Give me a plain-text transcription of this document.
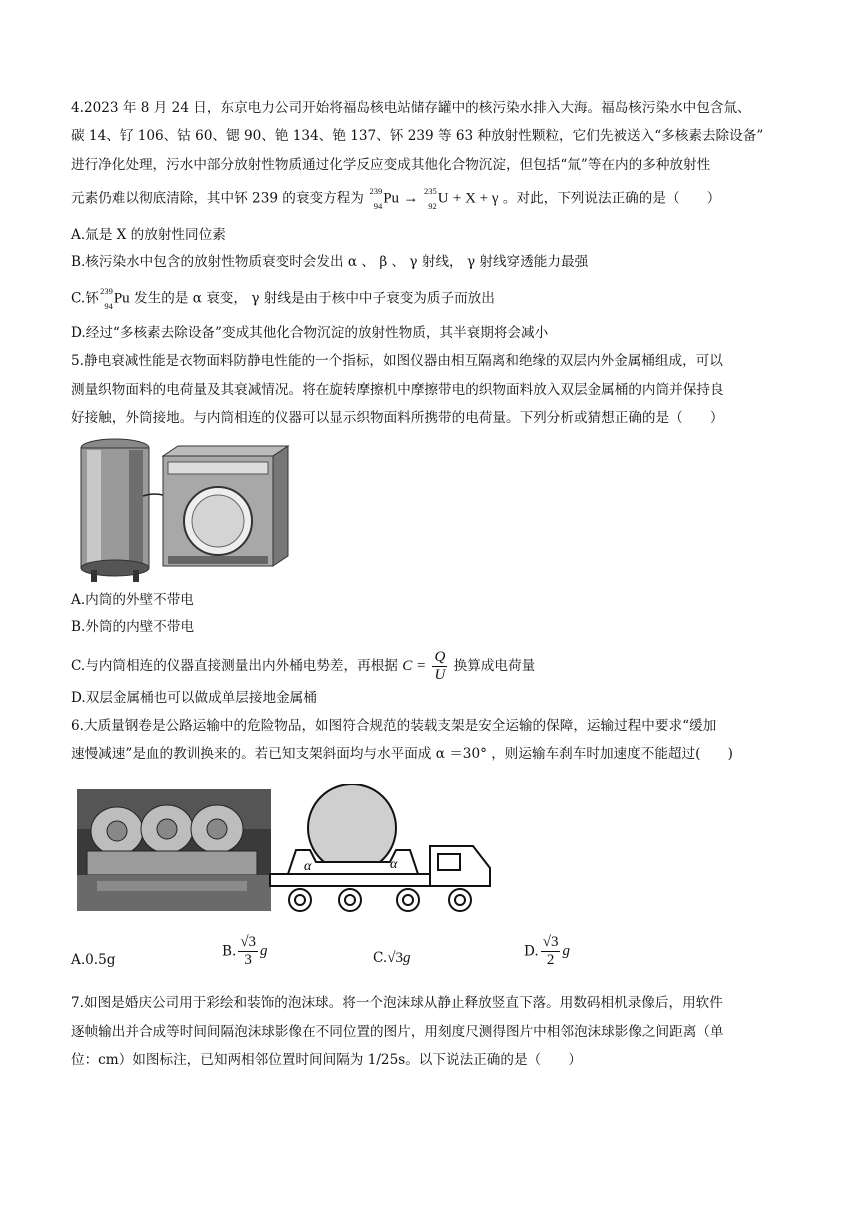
4.2023 年 8 月 24 日，东京电力公司开始将福岛核电站储存罐中的核污染水排入大海。福岛核污染水中包含氚、
碳 14、钌 106、钴 60、锶 90、铯 134、铯 137、钚 239 等 63 种放射性颗粒，它们先被送入“多核素去除设备”
进行净化处理，污水中部分放射性物质通过化学反应变成其他化合物沉淀，但包括“氚”等在内的多种放射性
元素仍难以彻底清除，其中钚 239 的衰变方程为 239
94 Pu → 235
92 U + X + γ 。对此，下列说法正确的是（　　）
A.氚是 X 的放射性同位素
B.核污染水中包含的放射性物质衰变时会发出 α 、 β 、 γ 射线， γ 射线穿透能力最强
C.钚 239
94 Pu 发生的是 α 衰变， γ 射线是由于核中中子衰变为质子而放出
D.经过“多核素去除设备”变成其他化合物沉淀的放射性物质，其半衰期将会减小
5.静电衰减性能是衣物面料防静电性能的一个指标，如图仪器由相互隔离和绝缘的双层内外金属桶组成，可以
测量织物面料的电荷量及其衰减情况。将在旋转摩擦机中摩擦带电的织物面料放入双层金属桶的内筒并保持良
好接触，外筒接地。与内筒相连的仪器可以显示织物面料所携带的电荷量。下列分析或猜想正确的是（　　）
A.内筒的外壁不带电
B.外筒的内壁不带电
C.与内筒相连的仪器直接测量出内外桶电势差，再根据 $C = \frac{Q}{U}$ 换算成电荷量
D.双层金属桶也可以做成单层接地金属桶
6.大质量钢卷是公路运输中的危险物品，如图符合规范的装载支架是安全运输的保障，运输过程中要求“缓加
速慢减速”是血的教训换来的。若已知支架斜面均与水平面成 α ＝30° ，则运输车刹车时加速度不能超过(　　)
α	α
A.0.5g
B. $\frac{√3}{3}$ g	C.√3g	D. $\frac{√3}{2}$ g
7.如图是婚庆公司用于彩绘和装饰的泡沫球。将一个泡沫球从静止释放竖直下落。用数码相机录像后，用软件
逐帧输出并合成等时间间隔泡沫球影像在不同位置的图片，用刻度尺测得图片中相邻泡沫球影像之间距离（单
位：cm）如图标注，已知两相邻位置时间间隔为 1/25s。以下说法正确的是（　　）
